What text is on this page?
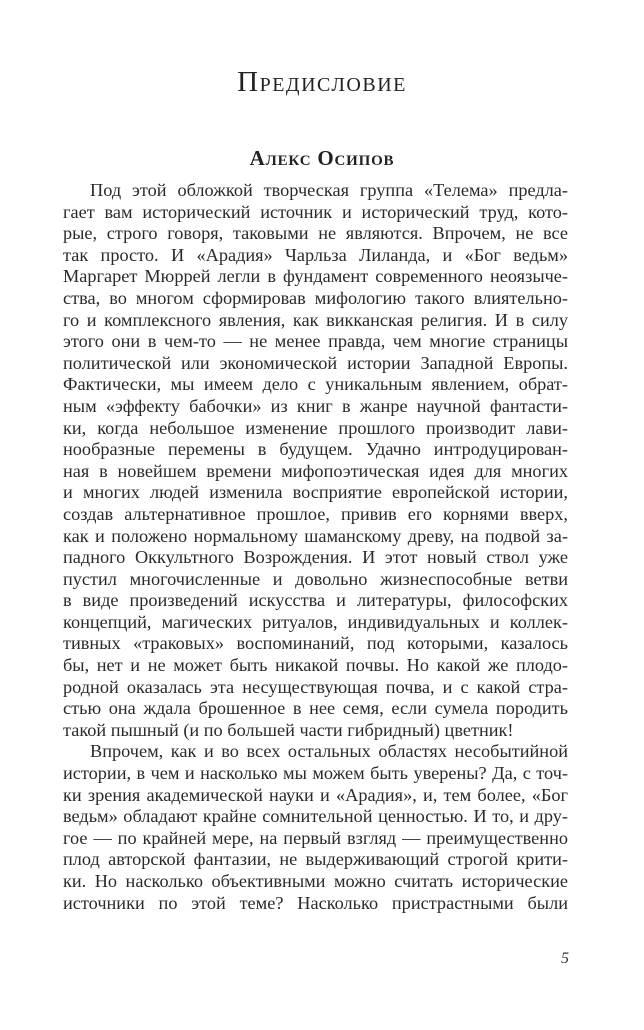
Предисловие
Алекс Осипов
Под этой обложкой творческая группа «Телема» предла-
гает вам исторический источник и исторический труд, кото-
рые, строго говоря, таковыми не являются. Впрочем, не все
так просто. И «Арадия» Чарльза Лиланда, и «Бог ведьм»
Маргарет Мюррей легли в фундамент современного неоязыче-
ства, во многом сформировав мифологию такого влиятельно-
го и комплексного явления, как викканская религия. И в силу
этого они в чем-то — не менее правда, чем многие страницы
политической или экономической истории Западной Европы.
Фактически, мы имеем дело с уникальным явлением, обрат-
ным «эффекту бабочки» из книг в жанре научной фантасти-
ки, когда небольшое изменение прошлого производит лави-
нообразные перемены в будущем. Удачно интродуцирован-
ная в новейшем времени мифопоэтическая идея для многих
и многих людей изменила восприятие европейской истории,
создав альтернативное прошлое, привив его корнями вверх,
как и положено нормальному шаманскому древу, на подвой за-
падного Оккультного Возрождения. И этот новый ствол уже
пустил многочисленные и довольно жизнеспособные ветви
в виде произведений искусства и литературы, философских
концепций, магических ритуалов, индивидуальных и коллек-
тивных «траковых» воспоминаний, под которыми, казалось
бы, нет и не может быть никакой почвы. Но какой же плодо-
родной оказалась эта несуществующая почва, и с какой стра-
стью она ждала брошенное в нее семя, если сумела породить
такой пышный (и по большей части гибридный) цветник!
Впрочем, как и во всех остальных областях несобытийной
истории, в чем и насколько мы можем быть уверены? Да, с точ-
ки зрения академической науки и «Арадия», и, тем более, «Бог
ведьм» обладают крайне сомнительной ценностью. И то, и дру-
гое — по крайней мере, на первый взгляд — преимущественно
плод авторской фантазии, не выдерживающий строгой крити-
ки. Но насколько объективными можно считать исторические
источники по этой теме? Насколько пристрастными были
5
